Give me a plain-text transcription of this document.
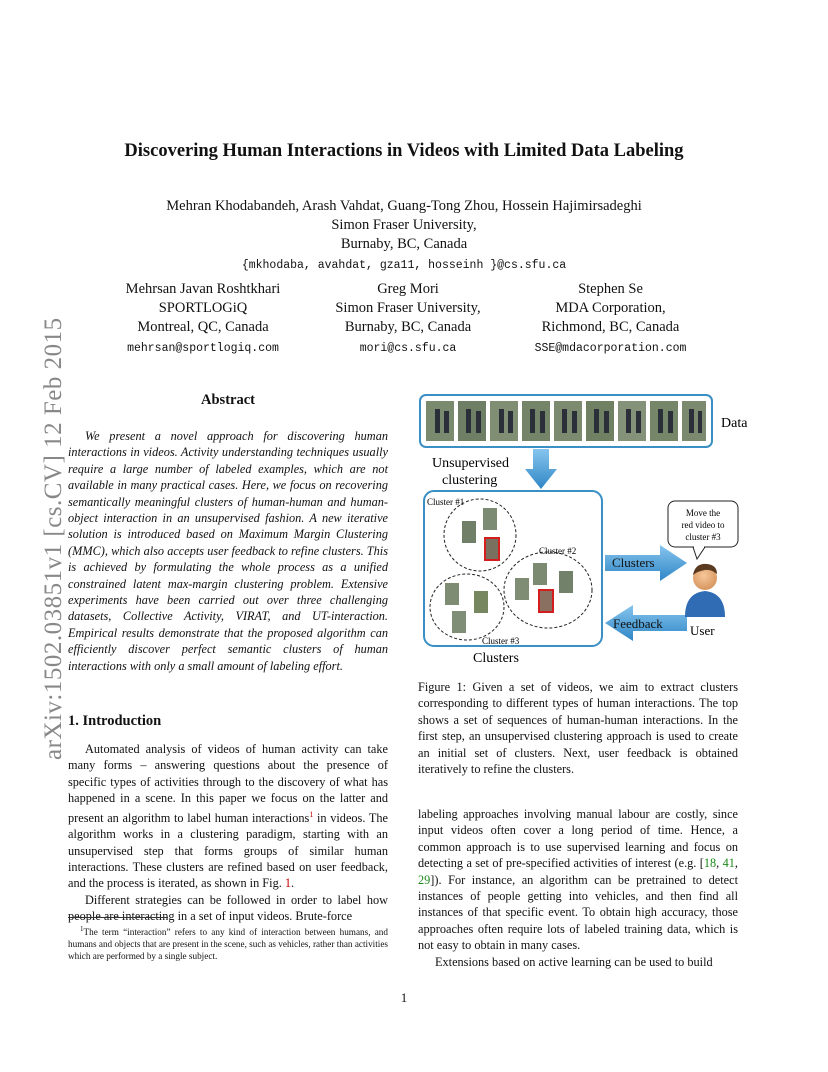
arXiv:1502.03851v1 [cs.CV] 12 Feb 2015
Discovering Human Interactions in Videos with Limited Data Labeling
Mehran Khodabandeh, Arash Vahdat, Guang-Tong Zhou, Hossein Hajimirsadeghi
Simon Fraser University,
Burnaby, BC, Canada
{mkhodaba, avahdat, gza11, hosseinh }@cs.sfu.ca
Mehrsan Javan Roshtkhari
SPORTLOGiQ
Montreal, QC, Canada
mehrsan@sportlogiq.com
Greg Mori
Simon Fraser University,
Burnaby, BC, Canada
mori@cs.sfu.ca
Stephen Se
MDA Corporation,
Richmond, BC, Canada
SSE@mdacorporation.com
Abstract

We present a novel approach for discovering human interactions in videos. Activity understanding techniques usually require a large number of labeled examples, which are not available in many practical cases. Here, we focus on recovering semantically meaningful clusters of human-human and human-object interaction in an unsupervised fashion. A new iterative solution is introduced based on Maximum Margin Clustering (MMC), which also accepts user feedback to refine clusters. This is achieved by formulating the whole process as a unified constrained latent max-margin clustering problem. Extensive experiments have been carried out over three challenging datasets, Collective Activity, VIRAT, and UT-interaction. Empirical results demonstrate that the proposed algorithm can efficiently discover perfect semantic clusters of human interactions with only a small amount of labeling effort.

1. Introduction

Automated analysis of videos of human activity can take many forms – answering questions about the presence of specific types of activities through to the discovery of what has happened in a scene. In this paper we focus on the latter and present an algorithm to label human interactions$^1$ in videos. The algorithm works in a clustering paradigm, starting with an unsupervised step that forms groups of similar human interactions. These clusters are refined based on user feedback, and the process is iterated, as shown in Fig. 1.

Different strategies can be followed in order to label how people are interacting in a set of input videos. Brute-force

$^1$The term “interaction” refers to any kind of interaction between humans, and humans and objects that are present in the scene, such as vehicles, rather than activities which are performed by a single subject.
Data
Unsupervised
clustering
Cluster #1
Cluster #2
Cluster #3
Clusters
Clusters
Feedback User
Move the
red video to
cluster #3
Figure 1: Given a set of videos, we aim to extract clusters corresponding to different types of human interactions. The top shows a set of sequences of human-human interactions. In the first step, an unsupervised clustering approach is used to create an initial set of clusters. Next, user feedback is obtained iteratively to refine the clusters.

labeling approaches involving manual labour are costly, since input videos often cover a long period of time. Hence, a common approach is to use supervised learning and focus on detecting a set of pre-specified activities of interest (e.g. [18, 41, 29]). For instance, an algorithm can be pretrained to detect instances of people getting into vehicles, and then find all instances of that specific event. To obtain high accuracy, those approaches often require lots of labeled training data, which is not easy to obtain in many cases.

Extensions based on active learning can be used to build

1
